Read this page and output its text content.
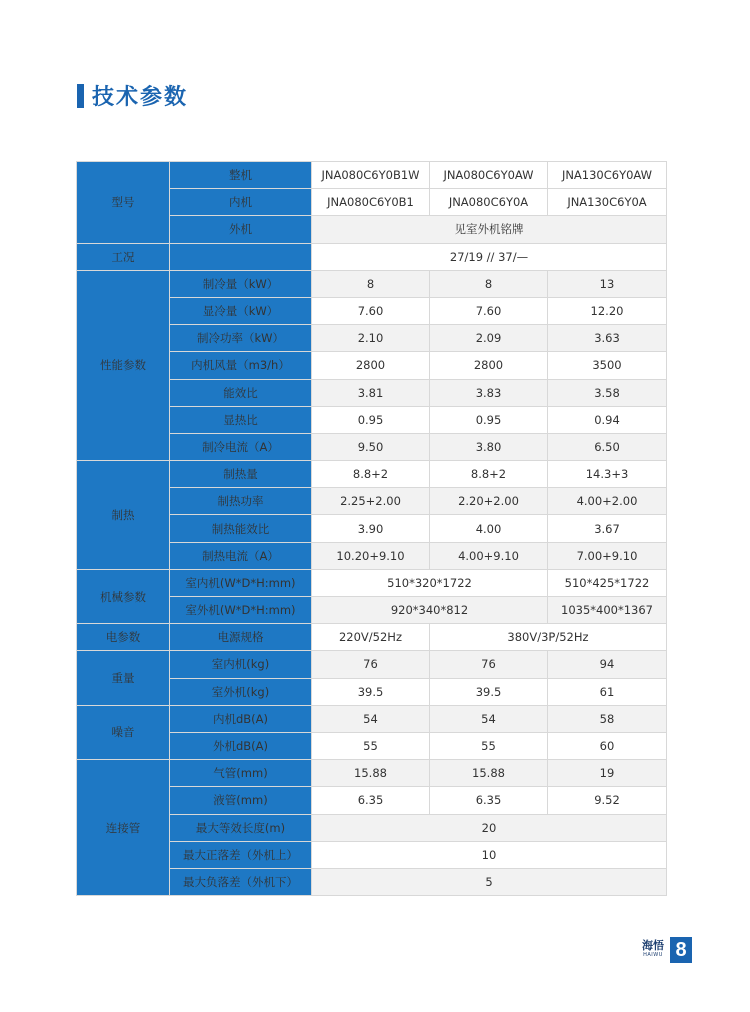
技术参数
型号	整机	JNA080C6Y0B1W	JNA080C6Y0AW	JNA130C6Y0AW
	内机	JNA080C6Y0B1	JNA080C6Y0A	JNA130C6Y0A
	外机	见室外机铭牌		
工况		27/19 // 37/—		
性能参数	制冷量（kW）	8	8	13
	显冷量（kW）	7.60	7.60	12.20
	制冷功率（kW）	2.10	2.09	3.63
	内机风量（m3/h）	2800	2800	3500
	能效比	3.81	3.83	3.58
	显热比	0.95	0.95	0.94
	制冷电流（A）	9.50	3.80	6.50
制热	制热量	8.8+2	8.8+2	14.3+3
	制热功率	2.25+2.00	2.20+2.00	4.00+2.00
	制热能效比	3.90	4.00	3.67
	制热电流（A）	10.20+9.10	4.00+9.10	7.00+9.10
机械参数	室内机(W*D*H:mm)	510*320*1722		510*425*1722
	室外机(W*D*H:mm)	920*340*812		1035*400*1367
电参数	电源规格	220V/52Hz	380V/3P/52Hz	
重量	室内机(kg)	76	76	94
	室外机(kg)	39.5	39.5	61
噪音	内机dB(A)	54	54	58
	外机dB(A)	55	55	60
连接管	气管(mm)	15.88	15.88	19
	液管(mm)	6.35	6.35	9.52
	最大等效长度(m)	20		
	最大正落差（外机上）	10		
	最大负落差（外机下）	5		
海悟
HAIWU 8
